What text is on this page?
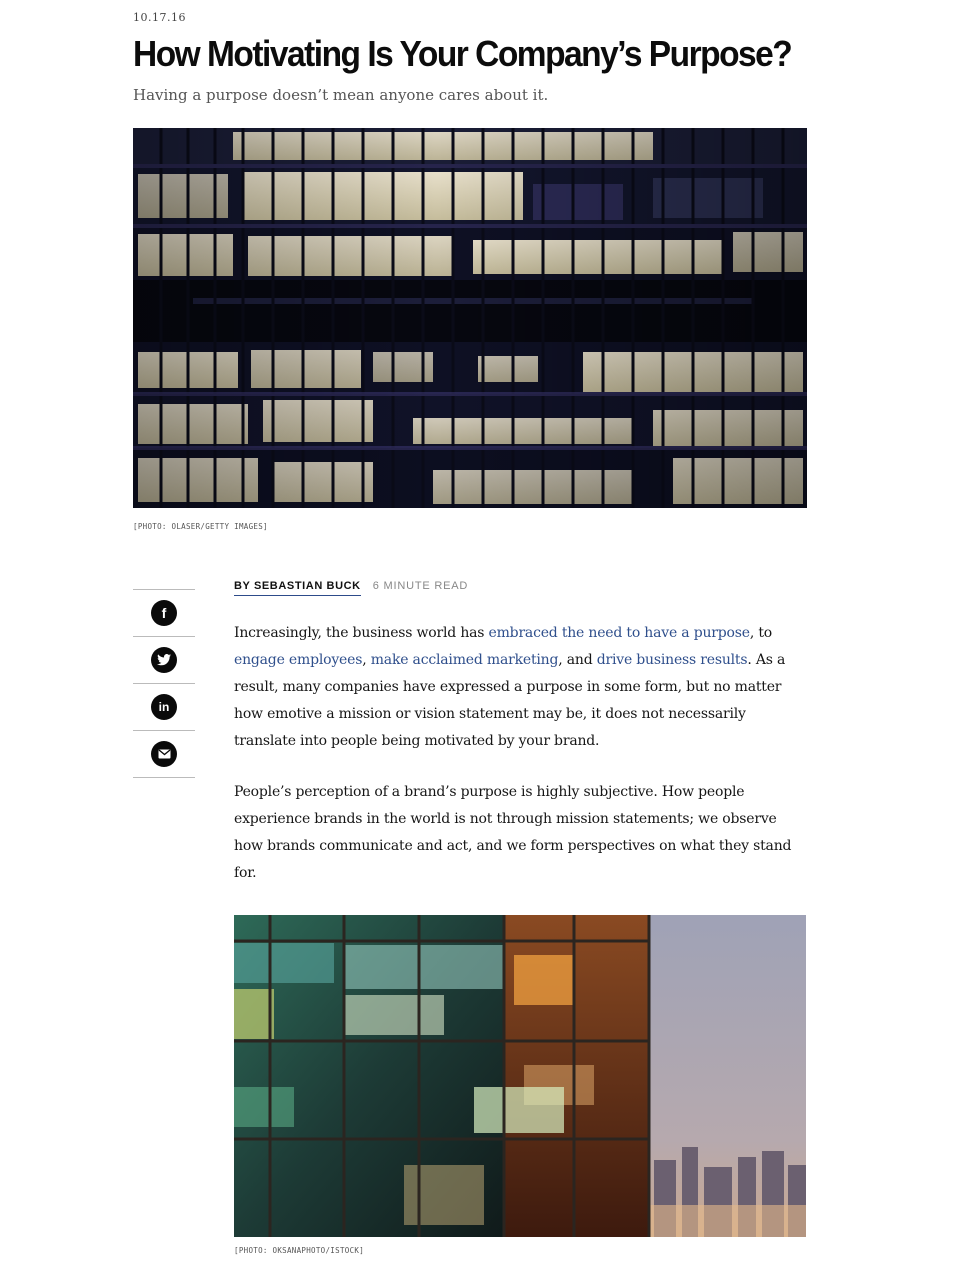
10.17.16
How Motivating Is Your Company’s Purpose?
Having a purpose doesn’t mean anyone cares about it.
[PHOTO: OLASER/GETTY IMAGES]
f
in
BY SEBASTIAN BUCK 6 MINUTE READ

Increasingly, the business world has embraced the need to have a purpose, to engage employees, make acclaimed marketing, and drive business results. As a result, many companies have expressed a purpose in some form, but no matter how emotive a mission or vision statement may be, it does not necessarily translate into people being motivated by your brand.

People’s perception of a brand’s purpose is highly subjective. How people experience brands in the world is not through mission statements; we observe how brands communicate and act, and we form perspectives on what they stand for.

[PHOTO: OKSANAPHOTO/ISTOCK]
